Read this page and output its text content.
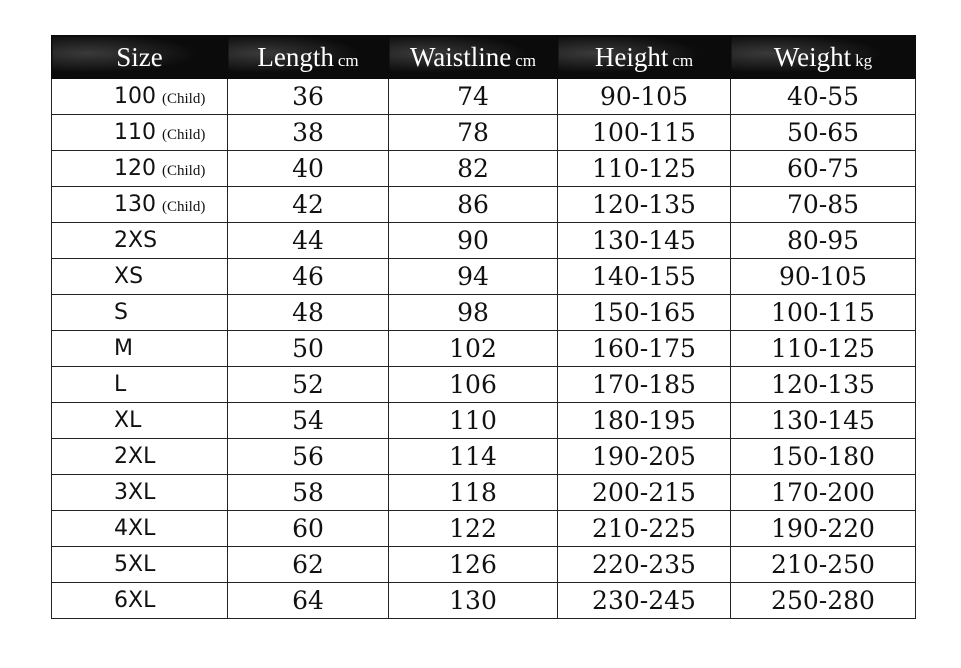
Size	Length cm	Waistline cm	Height cm	Weight kg
100 (Child)	36	74	90-105	40-55
110 (Child)	38	78	100-115	50-65
120 (Child)	40	82	110-125	60-75
130 (Child)	42	86	120-135	70-85
2XS	44	90	130-145	80-95
XS	46	94	140-155	90-105
S	48	98	150-165	100-115
M	50	102	160-175	110-125
L	52	106	170-185	120-135
XL	54	110	180-195	130-145
2XL	56	114	190-205	150-180
3XL	58	118	200-215	170-200
4XL	60	122	210-225	190-220
5XL	62	126	220-235	210-250
6XL	64	130	230-245	250-280
